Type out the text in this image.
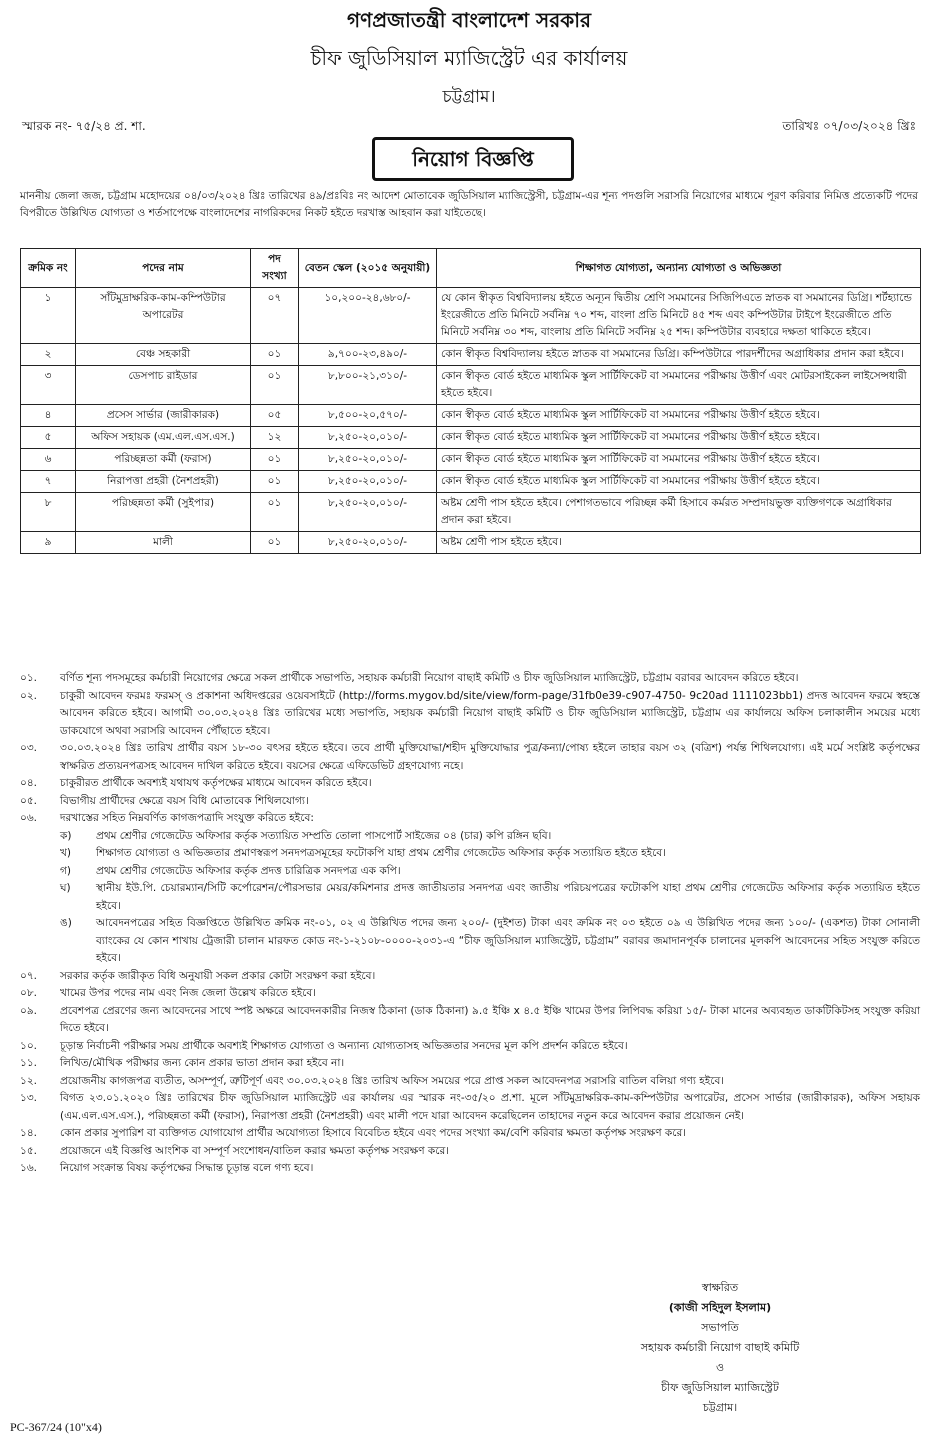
গণপ্রজাতন্ত্রী বাংলাদেশ সরকার
চীফ জুডিসিয়াল ম্যাজিস্ট্রেট এর কার্যালয়
চট্টগ্রাম।
স্মারক নং- ৭৫/২৪ প্র. শা.	তারিখঃ ০৭/০৩/২০২৪ খ্রিঃ
নিয়োগ বিজ্ঞপ্তি
মাননীয় জেলা জজ, চট্টগ্রাম মহোদয়ের ০৪/০৩/২০২৪ খ্রিঃ তারিখের ৪৯/প্রঃবিঃ নং আদেশ মোতাবেক জুডিসিয়াল ম্যাজিস্ট্রেসী, চট্টগ্রাম-এর শূন্য পদগুলি সরাসরি নিয়োগের মাধ্যমে পূরণ করিবার নিমিত্ত প্রত্যেকটি পদের বিপরীতে উল্লিখিত যোগ্যতা ও শর্তসাপেক্ষে বাংলাদেশের নাগরিকদের নিকট হইতে দরখাস্ত আহবান করা যাইতেছে।
ক্রমিক নং	পদের নাম	পদ সংখ্যা	বেতন স্কেল (২০১৫ অনুযায়ী)	শিক্ষাগত যোগ্যতা, অন্যান্য যোগ্যতা ও অভিজ্ঞতা
১	সাঁটমুদ্রাক্ষরিক-কাম-কম্পিউটার অপারেটর	০৭	১০,২০০-২৪,৬৮০/-	যে কোন স্বীকৃত বিশ্ববিদ্যালয় হইতে অন্যূন দ্বিতীয় শ্রেণি সমমানের সিজিপিএতে স্নাতক বা সমমানের ডিগ্রি। শর্টহ্যান্ডে ইংরেজীতে প্রতি মিনিটে সর্বনিম্ন ৭০ শব্দ, বাংলা প্রতি মিনিটে ৪৫ শব্দ এবং কম্পিউটার টাইপে ইংরেজীতে প্রতি মিনিটে সর্বনিম্ন ৩০ শব্দ, বাংলায় প্রতি মিনিটে সর্বনিম্ন ২৫ শব্দ। কম্পিউটার ব্যবহারে দক্ষতা থাকিতে হইবে।
২	বেঞ্চ সহকারী	০১	৯,৭০০-২৩,৪৯০/-	কোন স্বীকৃত বিশ্ববিদ্যালয় হইতে স্নাতক বা সমমানের ডিগ্রি। কম্পিউটারে পারদর্শীদের অগ্রাধিকার প্রদান করা হইবে।
৩	ডেসপাচ রাইডার	০১	৮,৮০০-২১,৩১০/-	কোন স্বীকৃত বোর্ড হইতে মাধ্যমিক স্কুল সার্টিফিকেট বা সমমানের পরীক্ষায় উত্তীর্ণ এবং মোটরসাইকেল লাইসেন্সধারী হইতে হইবে।
৪	প্রসেস সার্ভার (জারীকারক)	০৫	৮,৫০০-২০,৫৭০/-	কোন স্বীকৃত বোর্ড হইতে মাধ্যমিক স্কুল সার্টিফিকেট বা সমমানের পরীক্ষায় উত্তীর্ণ হইতে হইবে।
৫	অফিস সহায়ক (এম.এল.এস.এস.)	১২	৮,২৫০-২০,০১০/-	কোন স্বীকৃত বোর্ড হইতে মাধ্যমিক স্কুল সার্টিফিকেট বা সমমানের পরীক্ষায় উত্তীর্ণ হইতে হইবে।
৬	পরিচ্ছন্নতা কর্মী (ফরাস)	০১	৮,২৫০-২০,০১০/-	কোন স্বীকৃত বোর্ড হইতে মাধ্যমিক স্কুল সার্টিফিকেট বা সমমানের পরীক্ষায় উত্তীর্ণ হইতে হইবে।
৭	নিরাপত্তা প্রহরী (নৈশপ্রহরী)	০১	৮,২৫০-২০,০১০/-	কোন স্বীকৃত বোর্ড হইতে মাধ্যমিক স্কুল সার্টিফিকেট বা সমমানের পরীক্ষায় উত্তীর্ণ হইতে হইবে।
৮	পরিচ্ছন্নতা কর্মী (সুইপার)	০১	৮,২৫০-২০,০১০/-	অষ্টম শ্রেণী পাস হইতে হইবে। পেশাগতভাবে পরিচ্ছন্ন কর্মী হিসাবে কর্মরত সম্প্রদায়ভুক্ত ব্যক্তিগণকে অগ্রাধিকার প্রদান করা হইবে।
৯	মালী	০১	৮,২৫০-২০,০১০/-	অষ্টম শ্রেণী পাস হইতে হইবে।
০১.	বর্ণিত শূন্য পদসমূহের কর্মচারী নিয়োগের ক্ষেত্রে সকল প্রার্থীকে সভাপতি, সহায়ক কর্মচারী নিয়োগ বাছাই কমিটি ও চীফ জুডিসিয়াল ম্যাজিস্ট্রেট, চট্টগ্রাম বরাবর আবেদন করিতে হইবে।
০২.	চাকুরী আবেদন ফরমঃ ফরমস্ ও প্রকাশনা অধিদপ্তরের ওয়েবসাইটে (http://forms.mygov.bd/site/view/form-page/31fb0e39-c907-4750- 9c20ad 1111023bb1) প্রদত্ত আবেদন ফরমে স্বহস্তে আবেদন করিতে হইবে। আগামী ৩০.০৩.২০২৪ খ্রিঃ তারিখের মধ্যে সভাপতি, সহায়ক কর্মচারী নিয়োগ বাছাই কমিটি ও চীফ জুডিসিয়াল ম্যাজিস্ট্রেট, চট্টগ্রাম এর কার্যালয়ে অফিস চলাকালীন সময়ের মধ্যে ডাকযোগে অথবা সরাসরি আবেদন পৌঁছাতে হইবে।
০৩.	৩০.০৩.২০২৪ খ্রিঃ তারিখ প্রার্থীর বয়স ১৮-৩০ বৎসর হইতে হইবে। তবে প্রার্থী মুক্তিযোদ্ধা/শহীদ মুক্তিযোদ্ধার পুত্র/কন্যা/পোষ্য হইলে তাহার বয়স ৩২ (বত্রিশ) পর্যন্ত শিথিলযোগ্য। এই মর্মে সংশ্লিষ্ট কর্তৃপক্ষের স্বাক্ষরিত প্রত্যয়নপত্রসহ আবেদন দাখিল করিতে হইবে। বয়সের ক্ষেত্রে এফিডেভিট গ্রহণযোগ্য নহে।
০৪.	চাকুরীরত প্রার্থীকে অবশ্যই যথাযথ কর্তৃপক্ষের মাধ্যমে আবেদন করিতে হইবে।
০৫.	বিভাগীয় প্রার্থীদের ক্ষেত্রে বয়স বিধি মোতাবেক শিথিলযোগ্য।
০৬.	দরখাস্তের সহিত নিম্নবর্ণিত কাগজপত্রাদি সংযুক্ত করিতে হইবে:
ক)	প্রথম শ্রেণীর গেজেটেড অফিসার কর্তৃক সত্যায়িত সম্প্রতি তোলা পাসপোর্ট সাইজের ০৪ (চার) কপি রঙ্গিন ছবি।
খ)	শিক্ষাগত যোগ্যতা ও অভিজ্ঞতার প্রমাণস্বরূপ সনদপত্রসমূহের ফটোকপি যাহা প্রথম শ্রেণীর গেজেটেড অফিসার কর্তৃক সত্যায়িত হইতে হইবে।
গ)	প্রথম শ্রেণীর গেজেটেড অফিসার কর্তৃক প্রদত্ত চারিত্রিক সনদপত্র এক কপি।
ঘ)	স্থানীয় ইউ.পি. চেয়ারম্যান/সিটি কর্পোরেশন/পৌরসভার মেয়র/কমিশনার প্রদত্ত জাতীয়তার সনদপত্র এবং জাতীয় পরিচয়পত্রের ফটোকপি যাহা প্রথম শ্রেণীর গেজেটেড অফিসার কর্তৃক সত্যায়িত হইতে হইবে।
ঙ)	আবেদনপত্রের সহিত বিজ্ঞপ্তিতে উল্লিখিত ক্রমিক নং-০১, ০২ এ উল্লিখিত পদের জন্য ২০০/- (দুইশত) টাকা এবং ক্রমিক নং ০৩ হইতে ০৯ এ উল্লিখিত পদের জন্য ১০০/- (একশত) টাকা সোনালী ব্যাংকের যে কোন শাখায় ট্রেজারী চালান মারফত কোড নং-১-২১০৮-০০০০-২০৩১-এ “চীফ জুডিসিয়াল ম্যাজিস্ট্রেট, চট্টগ্রাম” বরাবর জমাদানপূর্বক চালানের মূলকপি আবেদনের সহিত সংযুক্ত করিতে হইবে।
০৭.	সরকার কর্তৃক জারীকৃত বিধি অনুযায়ী সকল প্রকার কোটা সংরক্ষণ করা হইবে।
০৮.	খামের উপর পদের নাম এবং নিজ জেলা উল্লেখ করিতে হইবে।
০৯.	প্রবেশপত্র প্রেরণের জন্য আবেদনের সাথে স্পষ্ট অক্ষরে আবেদনকারীর নিজস্ব ঠিকানা (ডাক ঠিকানা) ৯.৫ ইঞ্চি x ৪.৫ ইঞ্চি খামের উপর লিপিবদ্ধ করিয়া ১৫/- টাকা মানের অব্যবহৃত ডাকটিকিটসহ সংযুক্ত করিয়া দিতে হইবে।
১০.	চূড়ান্ত নির্বাচনী পরীক্ষার সময় প্রার্থীকে অবশ্যই শিক্ষাগত যোগ্যতা ও অন্যান্য যোগ্যতাসহ অভিজ্ঞতার সনদের মূল কপি প্রদর্শন করিতে হইবে।
১১.	লিখিত/মৌখিক পরীক্ষার জন্য কোন প্রকার ভাতা প্রদান করা হইবে না।
১২.	প্রয়োজনীয় কাগজপত্র ব্যতীত, অসম্পূর্ণ, ত্রুটিপূর্ণ এবং ৩০.০৩.২০২৪ খ্রিঃ তারিখ অফিস সময়ের পরে প্রাপ্ত সকল আবেদনপত্র সরাসরি বাতিল বলিয়া গণ্য হইবে।
১৩.	বিগত ২৩.০১.২০২০ খ্রিঃ তারিখের চীফ জুডিসিয়াল ম্যাজিস্ট্রেট এর কার্যালয় এর স্মারক নং-৩৫/২০ প্র.শা. মূলে সাঁটমুদ্রাক্ষরিক-কাম-কম্পিউটার অপারেটর, প্রসেস সার্ভার (জারীকারক), অফিস সহায়ক (এম.এল.এস.এস.), পরিচ্ছন্নতা কর্মী (ফরাস), নিরাপত্তা প্রহরী (নৈশপ্রহরী) এবং মালী পদে যারা আবেদন করেছিলেন তাহাদের নতুন করে আবেদন করার প্রয়োজন নেই।
১৪.	কোন প্রকার সুপারিশ বা ব্যক্তিগত যোগাযোগ প্রার্থীর অযোগ্যতা হিসাবে বিবেচিত হইবে এবং পদের সংখ্যা কম/বেশি করিবার ক্ষমতা কর্তৃপক্ষ সংরক্ষণ করে।
১৫.	প্রয়োজনে এই বিজ্ঞপ্তি আংশিক বা সম্পূর্ণ সংশোধন/বাতিল করার ক্ষমতা কর্তৃপক্ষ সংরক্ষণ করে।
১৬.	নিয়োগ সংক্রান্ত বিষয় কর্তৃপক্ষের সিদ্ধান্ত চূড়ান্ত বলে গণ্য হবে।
স্বাক্ষরিত
(কাজী সহিদুল ইসলাম)
সভাপতি
সহায়ক কর্মচারী নিয়োগ বাছাই কমিটি
ও
চীফ জুডিসিয়াল ম্যাজিস্ট্রেট
চট্টগ্রাম।
PC-367/24 (10"x4)
